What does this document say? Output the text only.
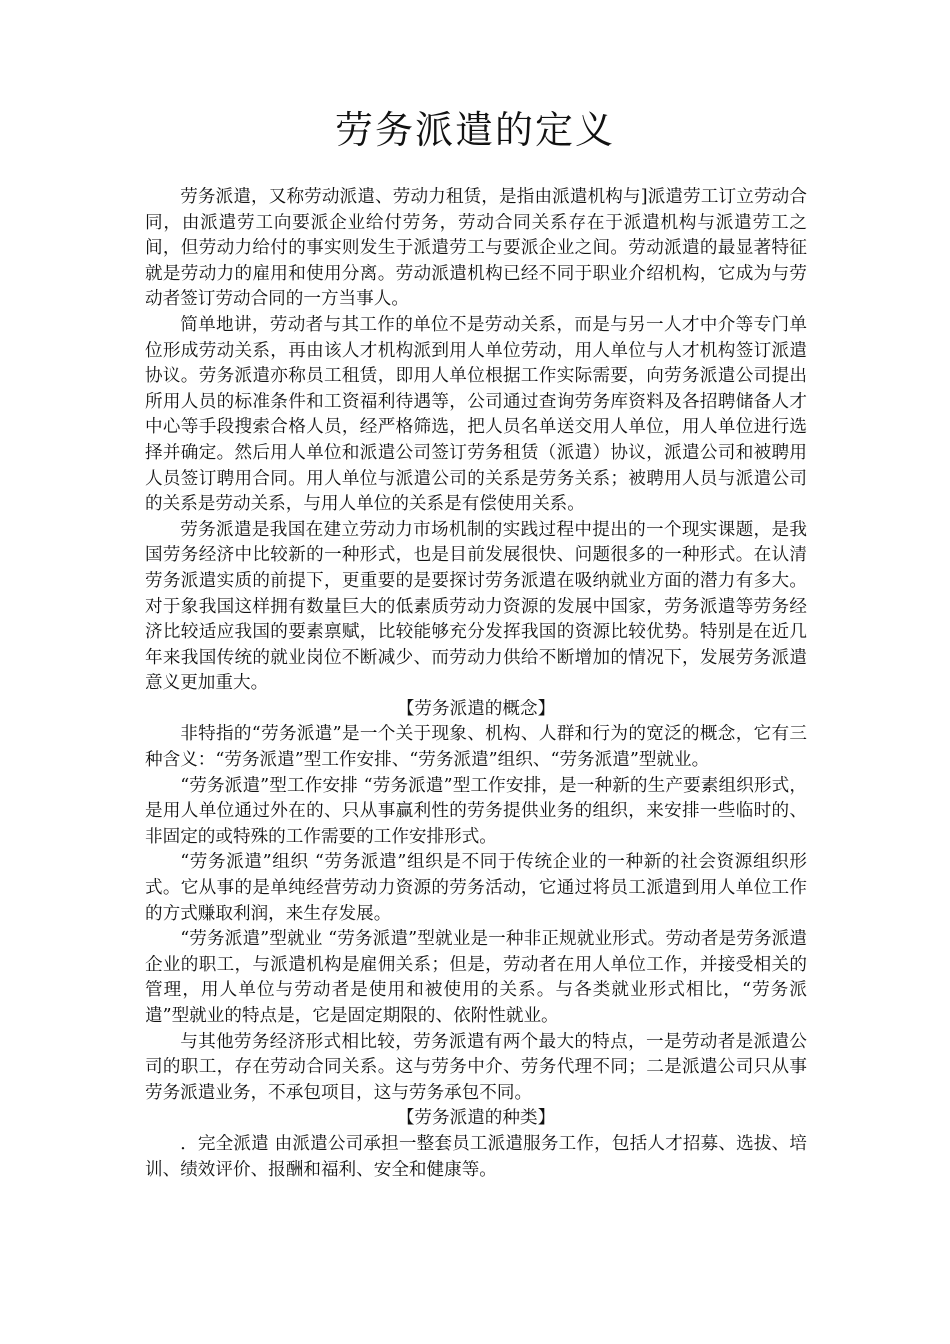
劳务派遣的定义

劳务派遣，又称劳动派遣、劳动力租赁，是指由派遣机构与]派遣劳工订立劳动合同，由派遣劳工向要派企业给付劳务，劳动合同关系存在于派遣机构与派遣劳工之间，但劳动力给付的事实则发生于派遣劳工与要派企业之间。劳动派遣的最显著特征就是劳动力的雇用和使用分离。劳动派遣机构已经不同于职业介绍机构，它成为与劳动者签订劳动合同的一方当事人。

简单地讲，劳动者与其工作的单位不是劳动关系，而是与另一人才中介等专门单位形成劳动关系，再由该人才机构派到用人单位劳动，用人单位与人才机构签订派遣协议。劳务派遣亦称员工租赁，即用人单位根据工作实际需要，向劳务派遣公司提出所用人员的标准条件和工资福利待遇等，公司通过查询劳务库资料及各招聘储备人才中心等手段搜索合格人员，经严格筛选，把人员名单送交用人单位，用人单位进行选择并确定。然后用人单位和派遣公司签订劳务租赁（派遣）协议，派遣公司和被聘用人员签订聘用合同。用人单位与派遣公司的关系是劳务关系；被聘用人员与派遣公司的关系是劳动关系，与用人单位的关系是有偿使用关系。

劳务派遣是我国在建立劳动力市场机制的实践过程中提出的一个现实课题，是我国劳务经济中比较新的一种形式，也是目前发展很快、问题很多的一种形式。在认清劳务派遣实质的前提下，更重要的是要探讨劳务派遣在吸纳就业方面的潜力有多大。对于象我国这样拥有数量巨大的低素质劳动力资源的发展中国家，劳务派遣等劳务经济比较适应我国的要素禀赋，比较能够充分发挥我国的资源比较优势。特别是在近几年来我国传统的就业岗位不断减少、而劳动力供给不断增加的情况下，发展劳务派遣意义更加重大。

【劳务派遣的概念】

非特指的“劳务派遣”是一个关于现象、机构、人群和行为的宽泛的概念，它有三种含义：“劳务派遣”型工作安排、“劳务派遣”组织、“劳务派遣”型就业。

“劳务派遣”型工作安排 “劳务派遣”型工作安排，是一种新的生产要素组织形式，是用人单位通过外在的、只从事赢利性的劳务提供业务的组织，来安排一些临时的、非固定的或特殊的工作需要的工作安排形式。

“劳务派遣”组织 “劳务派遣”组织是不同于传统企业的一种新的社会资源组织形式。它从事的是单纯经营劳动力资源的劳务活动，它通过将员工派遣到用人单位工作的方式赚取利润，来生存发展。

“劳务派遣”型就业 “劳务派遣”型就业是一种非正规就业形式。劳动者是劳务派遣企业的职工，与派遣机构是雇佣关系；但是，劳动者在用人单位工作，并接受相关的管理，用人单位与劳动者是使用和被使用的关系。与各类就业形式相比，“劳务派遣”型就业的特点是，它是固定期限的、依附性就业。

与其他劳务经济形式相比较，劳务派遣有两个最大的特点，一是劳动者是派遣公司的职工，存在劳动合同关系。这与劳务中介、劳务代理不同；二是派遣公司只从事劳务派遣业务，不承包项目，这与劳务承包不同。

【劳务派遣的种类】

．完全派遣 由派遣公司承担一整套员工派遣服务工作，包括人才招募、选拔、培训、绩效评价、报酬和福利、安全和健康等。
